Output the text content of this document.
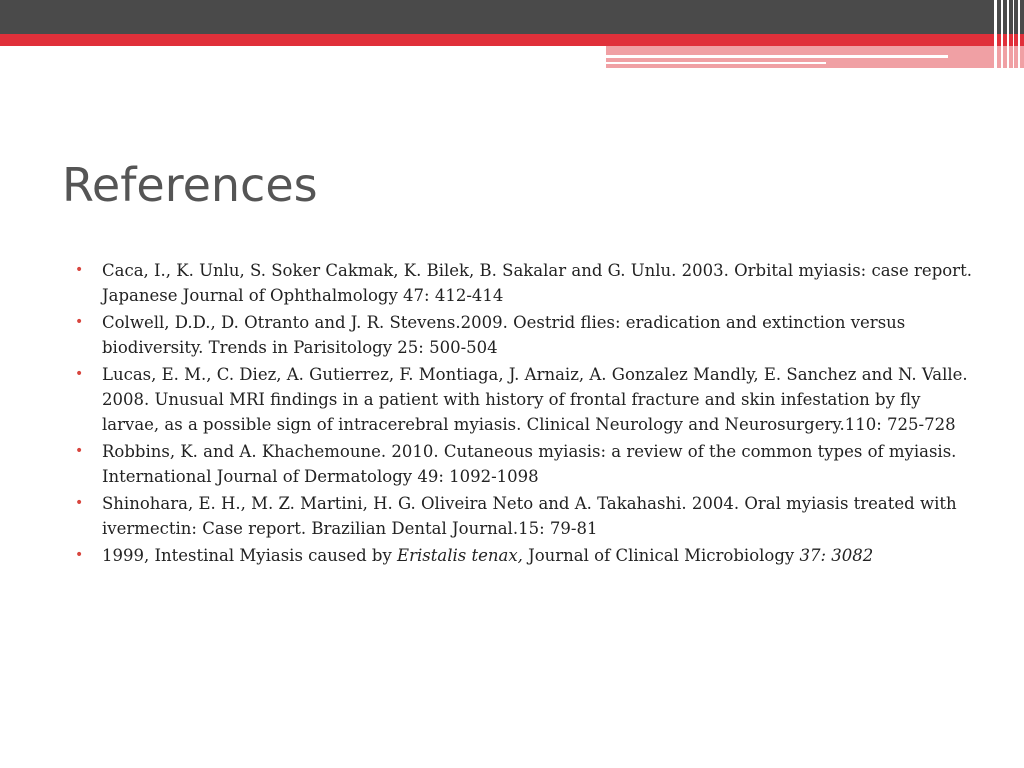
References
• Caca, I., K. Unlu, S. Soker Cakmak, K. Bilek, B. Sakalar and G. Unlu. 2003. Orbital myiasis: case report. Japanese Journal of Ophthalmology 47: 412-414
• Colwell, D.D., D. Otranto and J. R. Stevens.2009. Oestrid flies: eradication and extinction versus biodiversity. Trends in Parisitology 25: 500-504
• Lucas, E. M., C. Diez, A. Gutierrez, F. Montiaga, J. Arnaiz, A. Gonzalez Mandly, E. Sanchez and N. Valle. 2008. Unusual MRI findings in a patient with history of frontal fracture and skin infestation by fly larvae, as a possible sign of intracerebral myiasis. Clinical Neurology and Neurosurgery.110: 725-728
• Robbins, K. and A. Khachemoune. 2010. Cutaneous myiasis: a review of the common types of myiasis. International Journal of Dermatology 49: 1092-1098
• Shinohara, E. H., M. Z. Martini, H. G. Oliveira Neto and A. Takahashi. 2004. Oral myiasis treated with ivermectin: Case report. Brazilian Dental Journal.15: 79-81
• 1999, Intestinal Myiasis caused by Eristalis tenax, Journal of Clinical Microbiology 37: 3082
